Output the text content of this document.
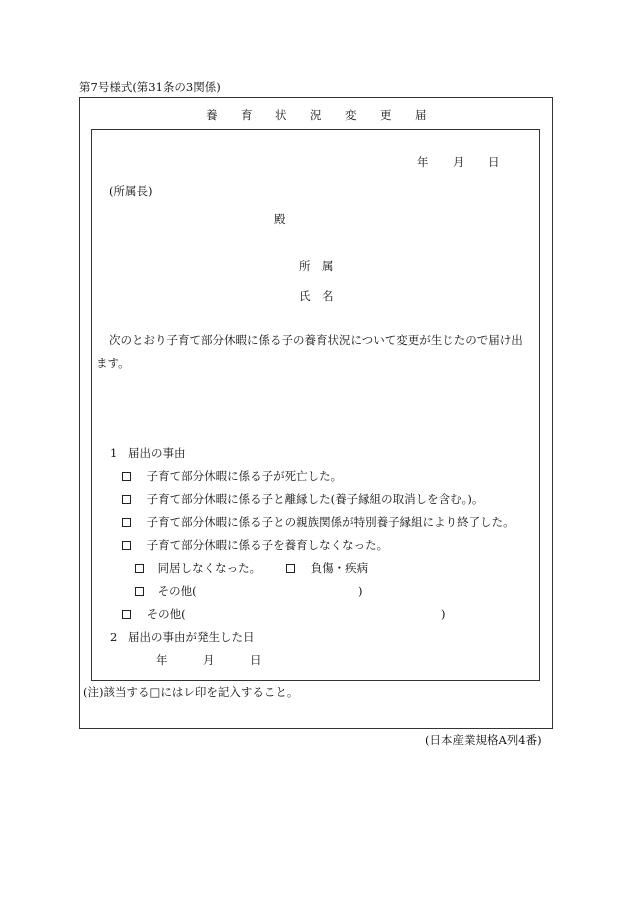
第7号様式(第31条の3関係)
養 育 状 況 変 更 届
年 月 日
(所属長)
殿
所　属
氏　名
次のとおり子育て部分休暇に係る子の養育状況について変更が生じたので届け出
ます。
1 届出の事由
子育て部分休暇に係る子が死亡した。
子育て部分休暇に係る子と離縁した(養子縁組の取消しを含む。)。
子育て部分休暇に係る子との親族関係が特別養子縁組により終了した。
子育て部分休暇に係る子を養育しなくなった。
同居しなくなった。	負傷・疾病
その他(	)
その他(	)
2 届出の事由が発生した日
年	月	日
(注)該当する□にはレ印を記入すること。
(日本産業規格A列4番)
